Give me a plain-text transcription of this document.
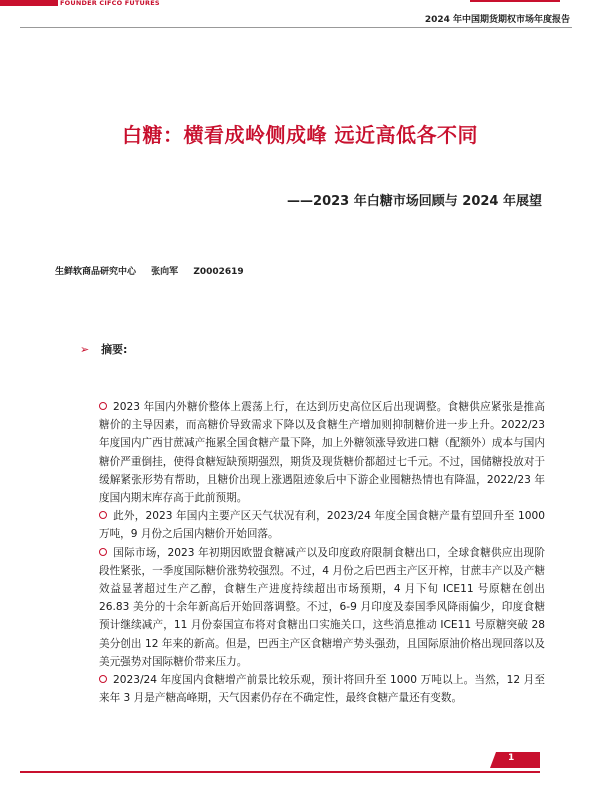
FOUNDER CIFCO FUTURES
2024 年中国期货期权市场年度报告
白糖：横看成岭侧成峰 远近高低各不同
——2023 年白糖市场回顾与 2024 年展望
生鲜软商品研究中心 张向军 Z0002619
➢ 摘要:

2023 年国内外糖价整体上震荡上行，在达到历史高位区后出现调整。食糖供应紧张是推高糖价的主导因素，而高糖价导致需求下降以及食糖生产增加则抑制糖价进一步上升。2022/23 年度国内广西甘蔗减产拖累全国食糖产量下降，加上外糖领涨导致进口糖（配额外）成本与国内糖价严重倒挂，使得食糖短缺预期强烈，期货及现货糖价都超过七千元。不过，国储糖投放对于缓解紧张形势有帮助，且糖价出现上涨遇阻迹象后中下游企业囤糖热情也有降温，2022/23 年度国内期末库存高于此前预期。

此外，2023 年国内主要产区天气状况有利，2023/24 年度全国食糖产量有望回升至 1000 万吨，9 月份之后国内糖价开始回落。

国际市场，2023 年初期因欧盟食糖减产以及印度政府限制食糖出口，全球食糖供应出现阶段性紧张，一季度国际糖价涨势较强烈。不过，4 月份之后巴西主产区开榨，甘蔗丰产以及产糖效益显著超过生产乙醇，食糖生产进度持续超出市场预期，4 月下旬 ICE11 号原糖在创出 26.83 美分的十余年新高后开始回落调整。不过，6-9 月印度及泰国季风降雨偏少，印度食糖预计继续减产，11 月份泰国宣布将对食糖出口实施关口，这些消息推动 ICE11 号原糖突破 28 美分创出 12 年来的新高。但是，巴西主产区食糖增产势头强劲，且国际原油价格出现回落以及美元强势对国际糖价带来压力。

2023/24 年度国内食糖增产前景比较乐观，预计将回升至 1000 万吨以上。当然，12 月至来年 3 月是产糖高峰期，天气因素仍存在不确定性，最终食糖产量还有变数。

1
